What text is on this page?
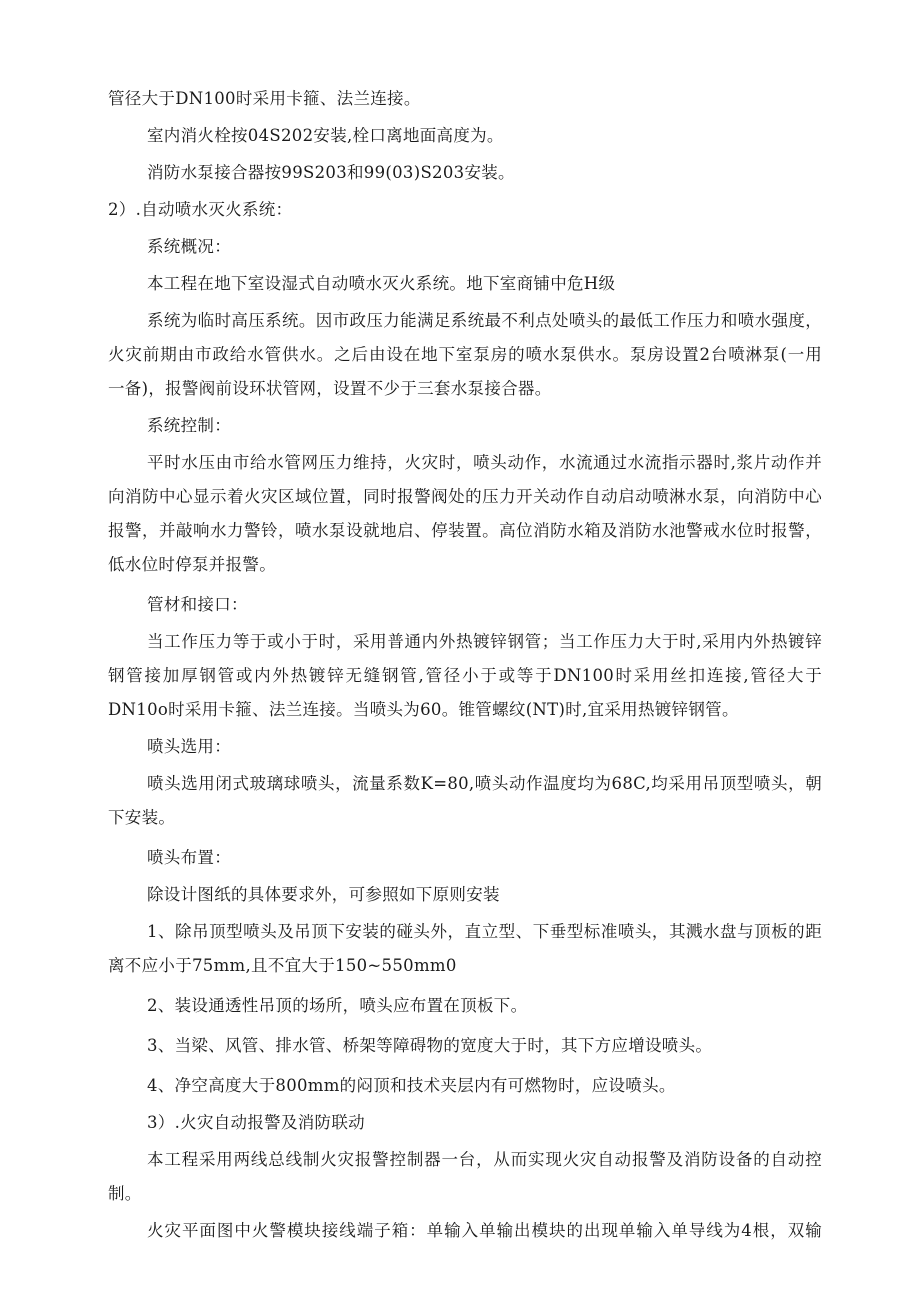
管径大于DN100时采用卡箍、法兰连接。
室内消火栓按04S202安装,栓口离地面高度为。
消防水泵接合器按99S203和99(03)S203安装。
2）.自动喷水灭火系统：
系统概况：
本工程在地下室设湿式自动喷水灭火系统。地下室商铺中危H级
系统为临时高压系统。因市政压力能满足系统最不利点处喷头的最低工作压力和喷水强度，
火灾前期由市政给水管供水。之后由设在地下室泵房的喷水泵供水。泵房设置2台喷淋泵(一用
一备)，报警阀前设环状管网，设置不少于三套水泵接合器。
系统控制：
平时水压由市给水管网压力维持，火灾时，喷头动作，水流通过水流指示器时,浆片动作并
向消防中心显示着火灾区域位置，同时报警阀处的压力开关动作自动启动喷淋水泵，向消防中心
报警，并敲响水力警铃，喷水泵设就地启、停装置。高位消防水箱及消防水池警戒水位时报警，
低水位时停泵并报警。
管材和接口：
当工作压力等于或小于时，采用普通内外热镀锌钢管；当工作压力大于时,采用内外热镀锌
钢管接加厚钢管或内外热镀锌无缝钢管,管径小于或等于DN100时采用丝扣连接,管径大于
DN10o时采用卡箍、法兰连接。当喷头为60。锥管螺纹(NT)时,宜采用热镀锌钢管。
喷头选用：
喷头选用闭式玻璃球喷头，流量系数K=80,喷头动作温度均为68C,均采用吊顶型喷头，朝
下安装。
喷头布置：
除设计图纸的具体要求外，可参照如下原则安装
1、除吊顶型喷头及吊顶下安装的碰头外，直立型、下垂型标准喷头，其溅水盘与顶板的距
离不应小于75mm,且不宜大于150~550mm0
2、装设通透性吊顶的场所，喷头应布置在顶板下。
3、当梁、风管、排水管、桥架等障碍物的宽度大于时，其下方应增设喷头。
4、净空高度大于800mm的闷顶和技术夹层内有可燃物时，应设喷头。
3）.火灾自动报警及消防联动
本工程采用两线总线制火灾报警控制器一台，从而实现火灾自动报警及消防设备的自动控
制。
火灾平面图中火警模块接线端子箱：单输入单输出模块的出现单输入单导线为4根，双输
